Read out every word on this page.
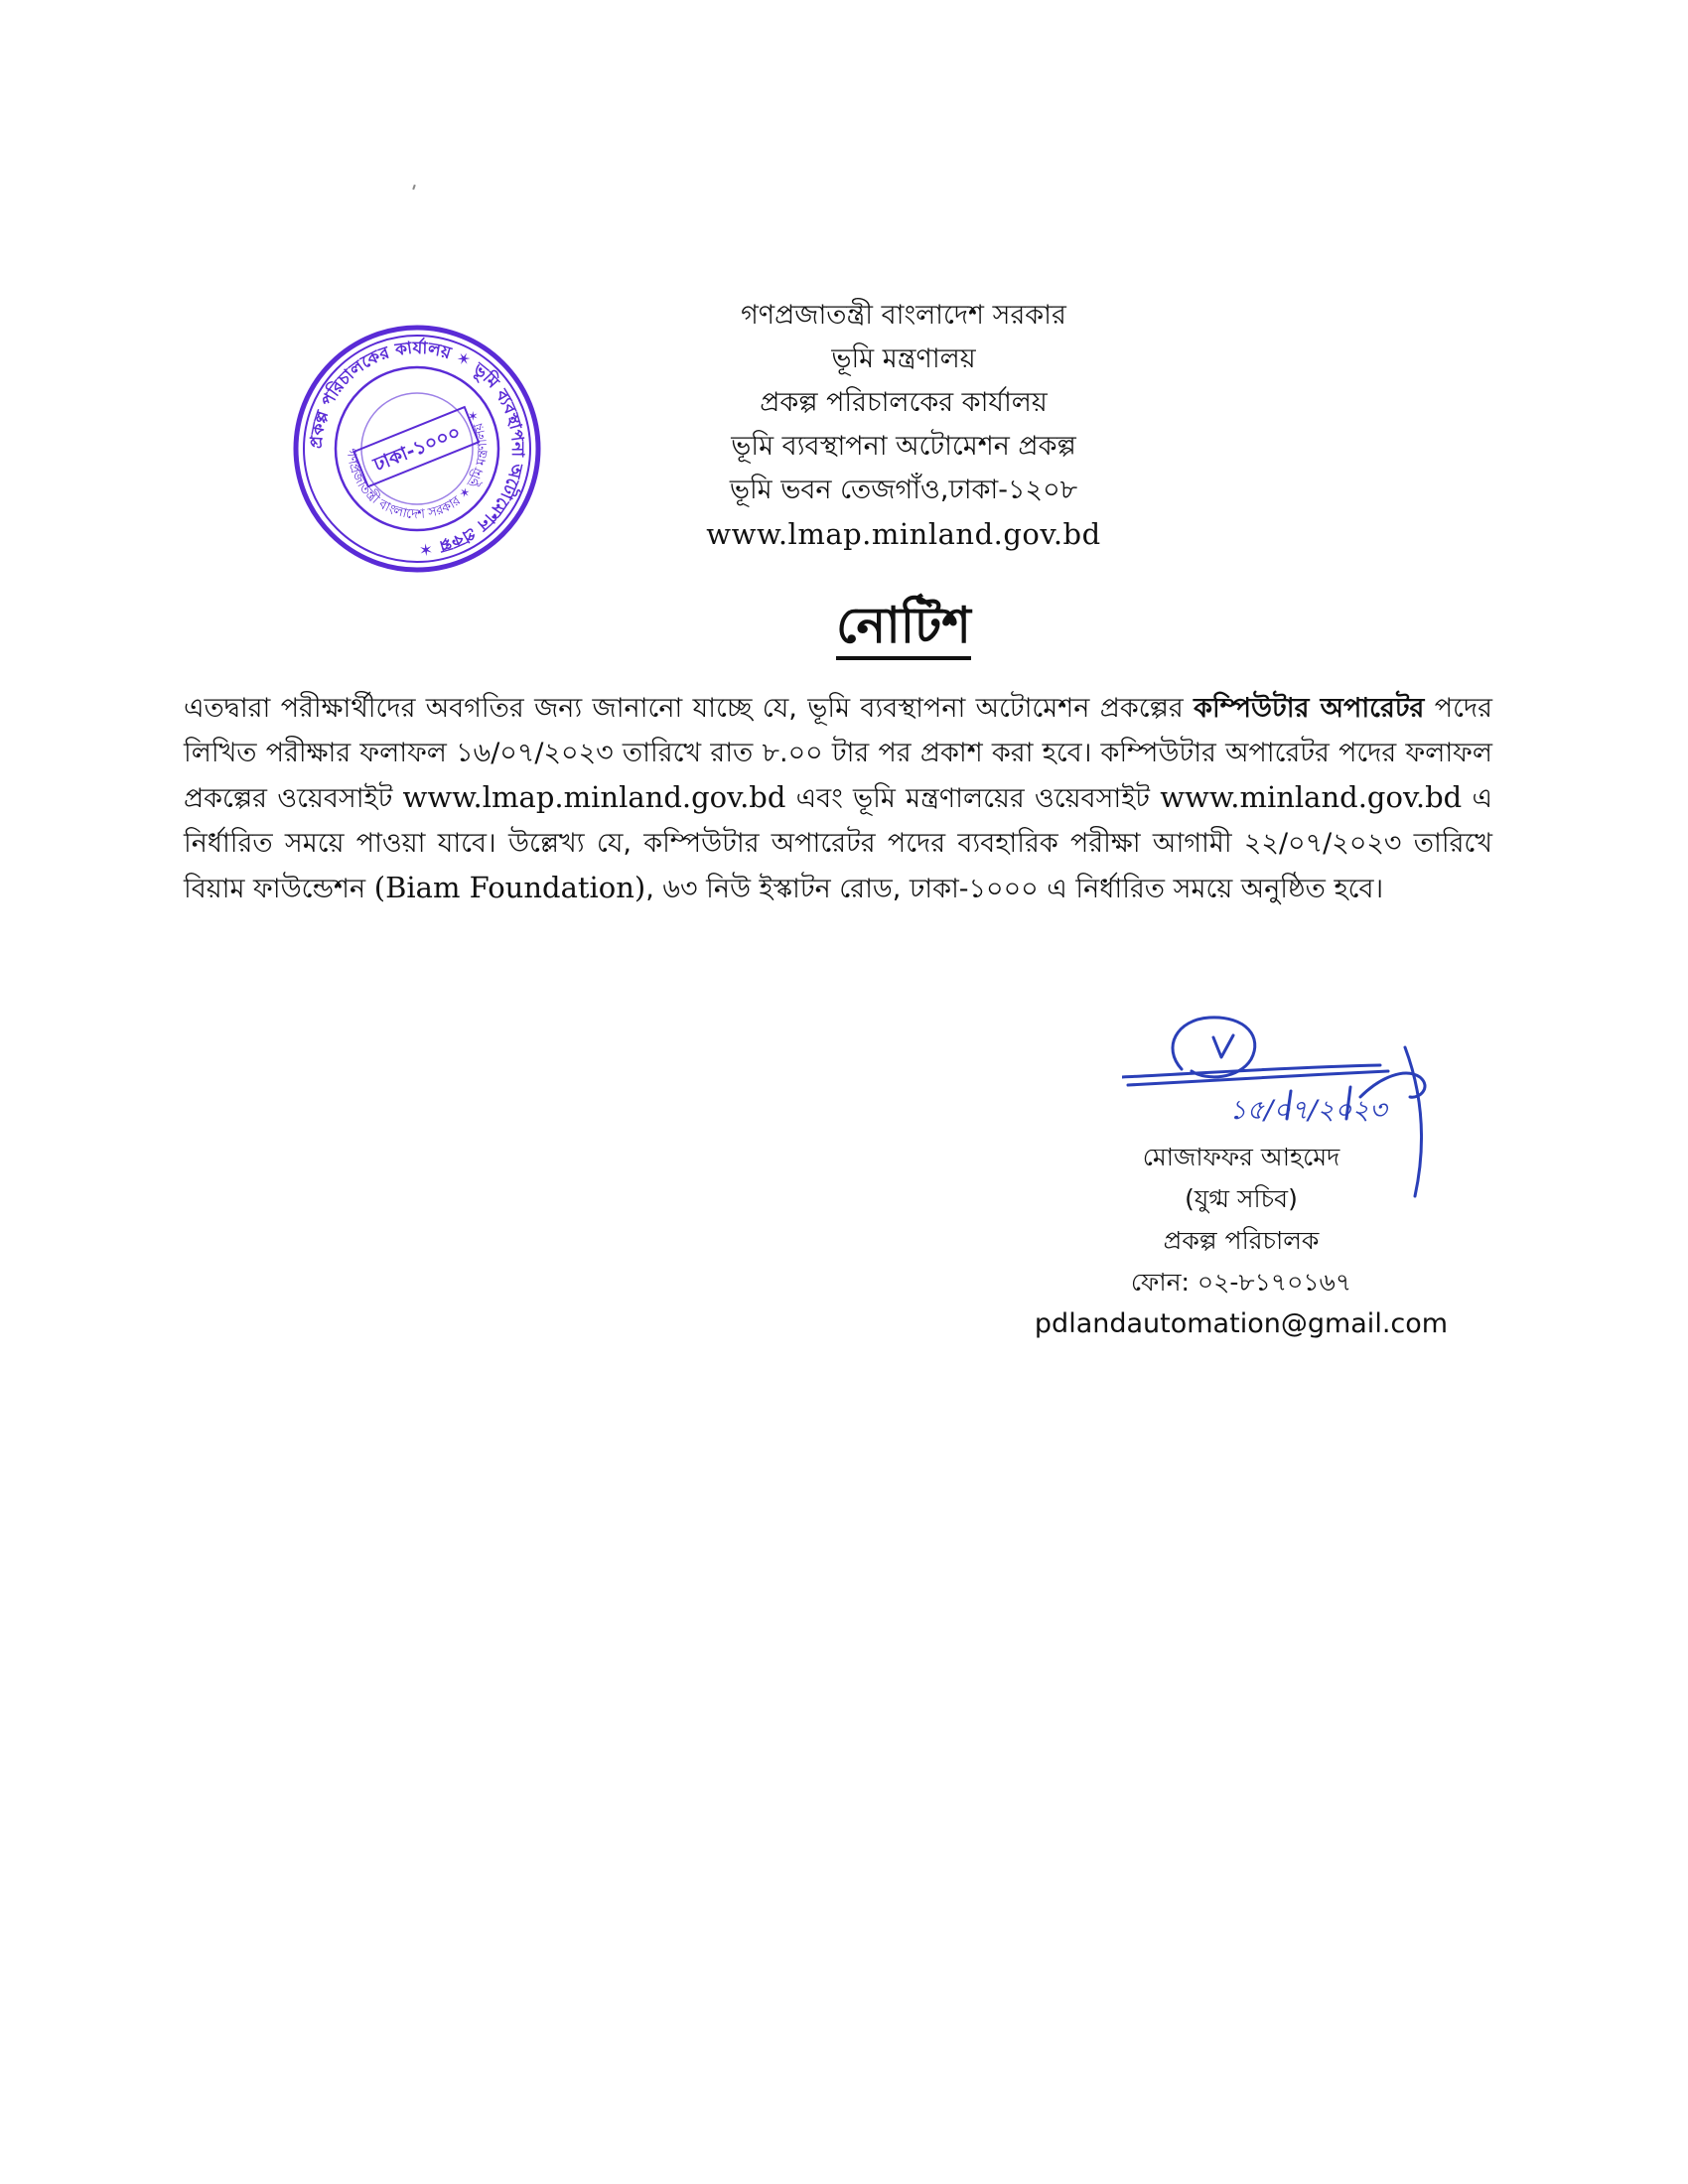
প্রকল্প পরিচালকের কার্যালয় ✶ ভূমি ব্যবস্থাপনা অটোমেশন প্রকল্প ✶
গণপ্রজাতন্ত্রী বাংলাদেশ সরকার ✶ ভূমি মন্ত্রণালয় ✶
ঢাকা-১০০০
গণপ্রজাতন্ত্রী বাংলাদেশ সরকার
ভূমি মন্ত্রণালয়
প্রকল্প পরিচালকের কার্যালয়
ভূমি ব্যবস্থাপনা অটোমেশন প্রকল্প
ভূমি ভবন তেজগাঁও,ঢাকা-১২০৮
www.lmap.minland.gov.bd
নোটিশ
এতদ্বারা পরীক্ষার্থীদের অবগতির জন্য জানানো যাচ্ছে যে, ভূমি ব্যবস্থাপনা অটোমেশন প্রকল্পের কম্পিউটার অপারেটর পদের লিখিত পরীক্ষার ফলাফল ১৬/০৭/২০২৩ তারিখে রাত ৮.০০ টার পর প্রকাশ করা হবে। কম্পিউটার অপারেটর পদের ফলাফল প্রকল্পের ওয়েবসাইট www.lmap.minland.gov.bd এবং ভূমি মন্ত্রণালয়ের ওয়েবসাইট www.minland.gov.bd এ নির্ধারিত সময়ে পাওয়া যাবে। উল্লেখ্য যে, কম্পিউটার অপারেটর পদের ব্যবহারিক পরীক্ষা আগামী ২২/০৭/২০২৩ তারিখে বিয়াম ফাউন্ডেশন (Biam Foundation), ৬৩ নিউ ইস্কাটন রোড, ঢাকা-১০০০ এ নির্ধারিত সময়ে অনুষ্ঠিত হবে।
১৫/০৭/২০২৩
মোজাফফর আহমেদ
(যুগ্ম সচিব)
প্রকল্প পরিচালক
ফোন: ০২-৮১৭০১৬৭
pdlandautomation@gmail.com
